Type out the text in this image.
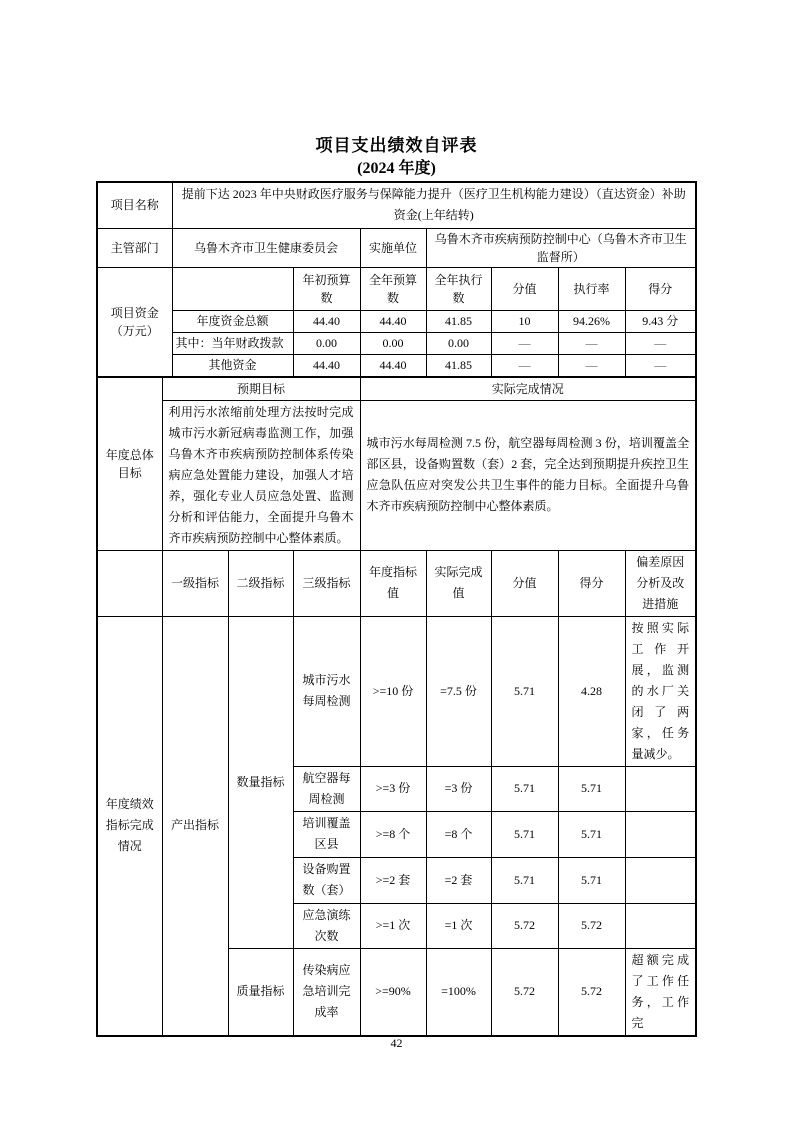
项目支出绩效自评表
(2024 年度)
项目名称	提前下达 2023 年中央财政医疗服务与保障能力提升（医疗卫生机构能力建设）（直达资金）补助资金(上年结转)						
主管部门	乌鲁木齐市卫生健康委员会		实施单位	乌鲁木齐市疾病预防控制中心（乌鲁木齐市卫生监督所）			
项目资金（万元）		年初预算数	全年预算数	全年执行数	分值	执行率	得分
	年度资金总额	44.40	44.40	41.85	10	94.26%	9.43 分
	其中：当年财政拨款	0.00	0.00	0.00	—	—	—
	其他资金	44.40	44.40	41.85	—	—	—
年度总体目标	预期目标			实际完成情况				
	利用污水浓缩前处理方法按时完成城市污水新冠病毒监测工作，加强乌鲁木齐市疾病预防控制体系传染病应急处置能力建设，加强人才培养，强化专业人员应急处置、监测分析和评估能力，全面提升乌鲁木齐市疾病预防控制中心整体素质。			城市污水每周检测 7.5 份，航空器每周检测 3 份，培训覆盖全部区县，设备购置数（套）2 套，完全达到预期提升疾控卫生应急队伍应对突发公共卫生事件的能力目标。全面提升乌鲁木齐市疾病预防控制中心整体素质。				
	一级指标	二级指标	三级指标	年度指标值	实际完成值	分值	得分	偏差原因分析及改进措施
年度绩效指标完成情况	产出指标	数量指标	城市污水每周检测	>=10 份	=7.5 份	5.71	4.28	按照实际工作开展，监测的水厂关闭了两家，任务量减少。
			航空器每周检测	>=3 份	=3 份	5.71	5.71	
			培训覆盖区县	>=8 个	=8 个	5.71	5.71	
			设备购置数（套）	>=2 套	=2 套	5.71	5.71	
			应急演练次数	>=1 次	=1 次	5.72	5.72	
		质量指标	传染病应急培训完成率	>=90%	=100%	5.72	5.72	超额完成了工作任务，工作完
42
